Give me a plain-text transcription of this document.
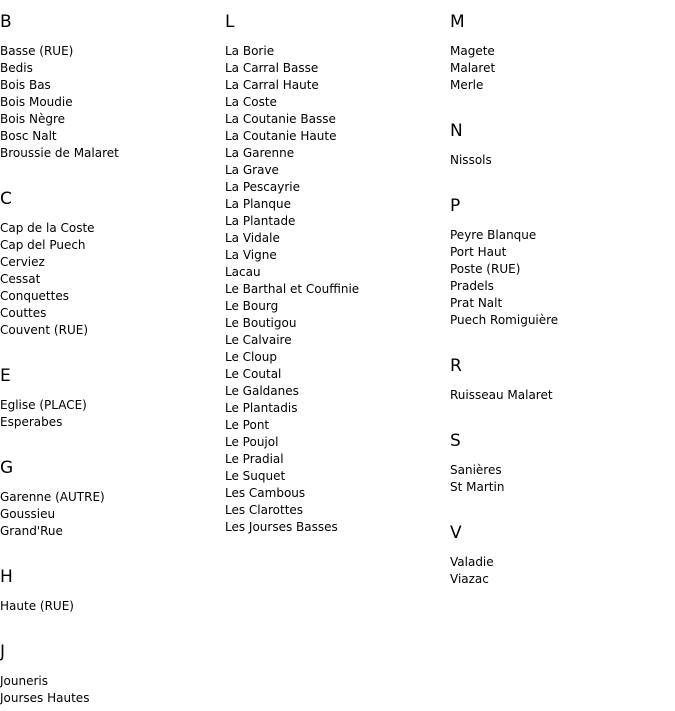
B
Basse (RUE)
Bedis
Bois Bas
Bois Moudie
Bois Nègre
Bosc Nalt
Broussie de Malaret
C
Cap de la Coste
Cap del Puech
Cerviez
Cessat
Conquettes
Couttes
Couvent (RUE)
E
Eglise (PLACE)
Esperabes
G
Garenne (AUTRE)
Goussieu
Grand'Rue
H
Haute (RUE)
J
Jouneris
Jourses Hautes
L
La Borie
La Carral Basse
La Carral Haute
La Coste
La Coutanie Basse
La Coutanie Haute
La Garenne
La Grave
La Pescayrie
La Planque
La Plantade
La Vidale
La Vigne
Lacau
Le Barthal et Couffinie
Le Bourg
Le Boutigou
Le Calvaire
Le Cloup
Le Coutal
Le Galdanes
Le Plantadis
Le Pont
Le Poujol
Le Pradial
Le Suquet
Les Cambous
Les Clarottes
Les Jourses Basses
M
Magete
Malaret
Merle
N
Nissols
P
Peyre Blanque
Port Haut
Poste (RUE)
Pradels
Prat Nalt
Puech Romiguière
R
Ruisseau Malaret
S
Sanières
St Martin
V
Valadie
Viazac
